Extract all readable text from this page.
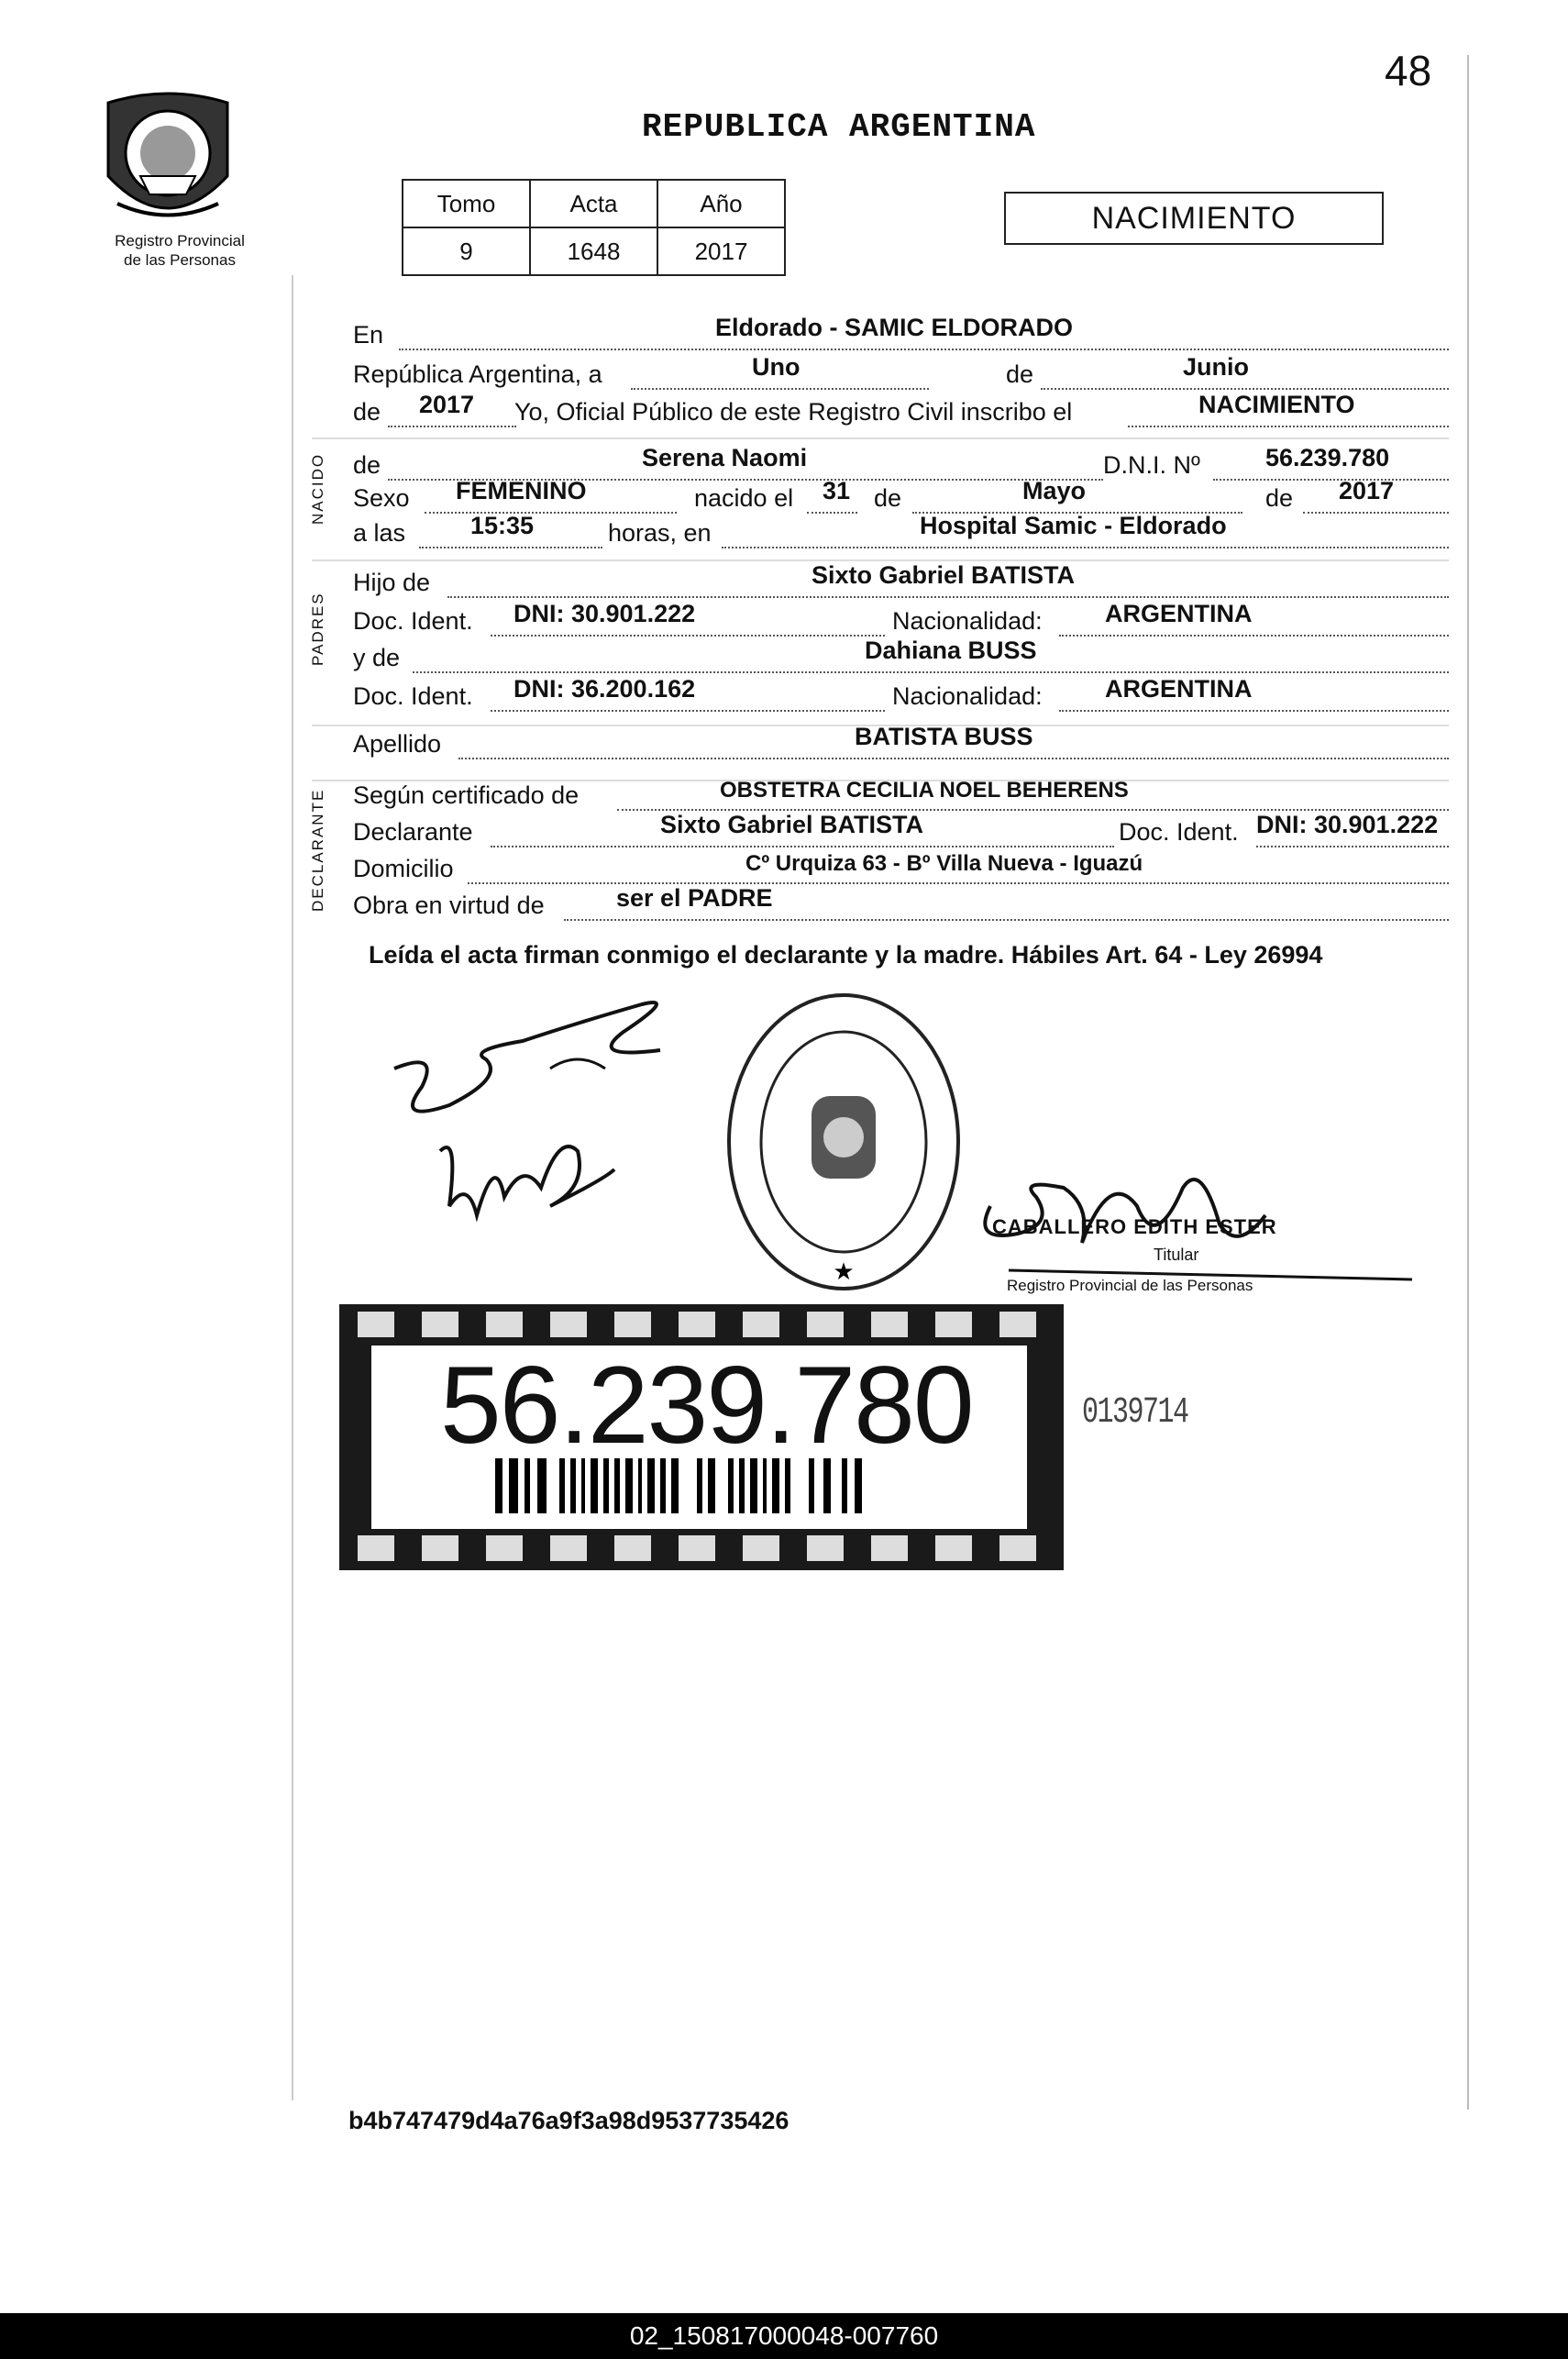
48
Registro Provincial
de las Personas
REPUBLICA ARGENTINA
Tomo	Acta	Año
9	1648	2017
NACIMIENTO
NACIDO
PADRES
DECLARANTE
En	Eldorado - SAMIC ELDORADO
República Argentina, a	Uno	de	Junio
de 2017 Yo, Oficial Público de este Registro Civil inscribo el	NACIMIENTO
de	Serena Naomi	D.N.I. Nº	56.239.780
Sexo FEMENINO	nacido el 31 de	Mayo	de 2017
a las	15:35	horas, en	Hospital Samic - Eldorado
Hijo de	Sixto Gabriel BATISTA
Doc. Ident. DNI: 30.901.222	Nacionalidad:	ARGENTINA
y de	Dahiana BUSS
Doc. Ident. DNI: 36.200.162	Nacionalidad:	ARGENTINA
Apellido	BATISTA BUSS
Según certificado de	OBSTETRA CECILIA NOEL BEHERENS
Declarante	Sixto Gabriel BATISTA	Doc. Ident. DNI: 30.901.222
Domicilio	Cº Urquiza 63 - Bº Villa Nueva - Iguazú
Obra en virtud de	ser el PADRE
Leída el acta firman conmigo el declarante y la madre. Hábiles Art. 64 - Ley 26994
★
CABALLERO EDITH ESTER
Titular
Registro Provincial de las Personas
56.239.780	0139714
b4b747479d4a76a9f3a98d9537735426
02_150817000048-007760
